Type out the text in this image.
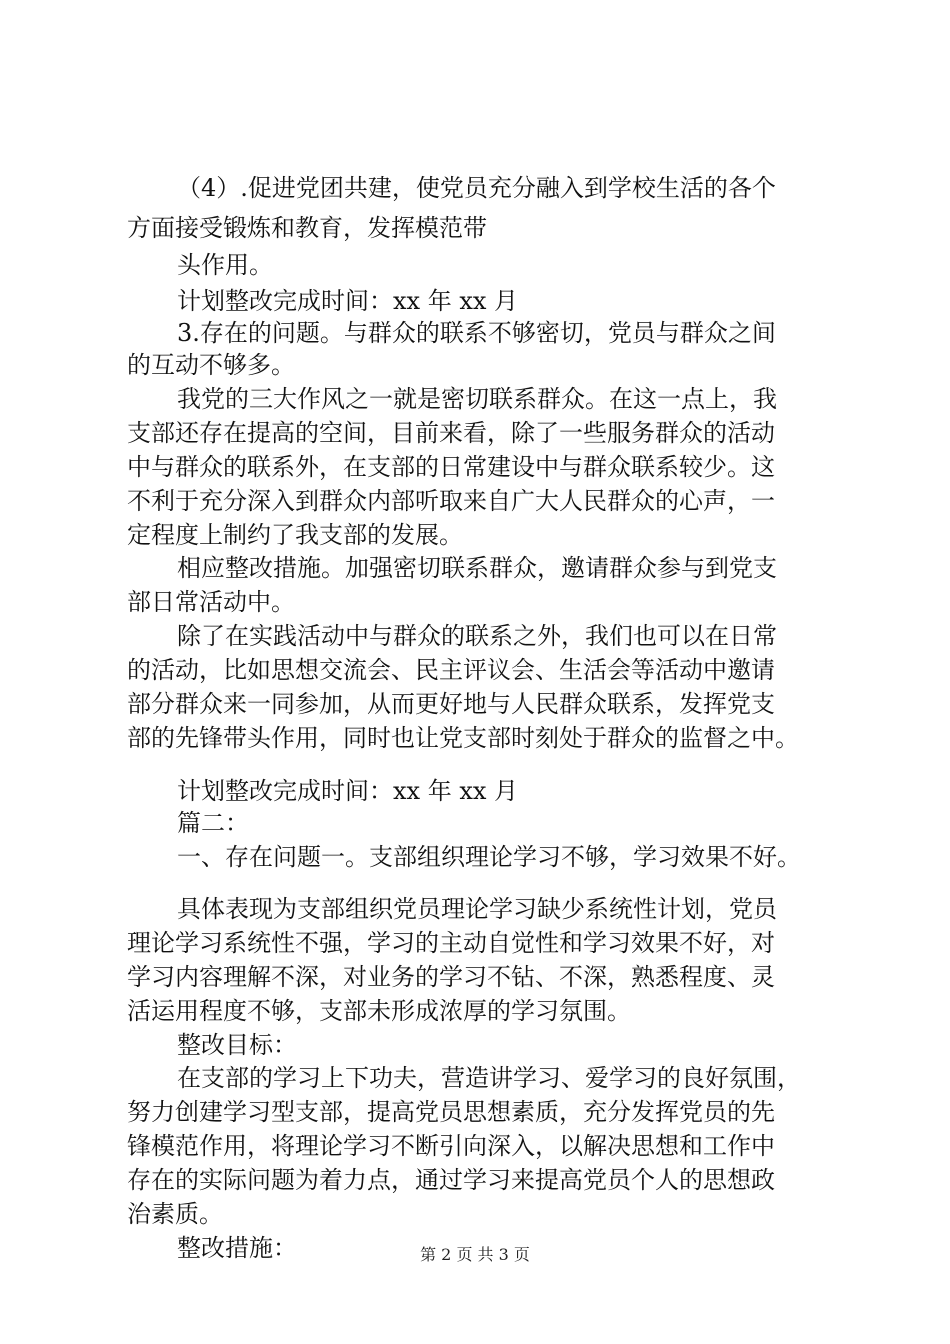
（4）.促进党团共建，使党员充分融入到学校生活的各个
方面接受锻炼和教育，发挥模范带
头作用。
计划整改完成时间：xx 年 xx 月
3.存在的问题。与群众的联系不够密切，党员与群众之间
的互动不够多。
我党的三大作风之一就是密切联系群众。在这一点上，我
支部还存在提高的空间，目前来看，除了一些服务群众的活动
中与群众的联系外，在支部的日常建设中与群众联系较少。这
不利于充分深入到群众内部听取来自广大人民群众的心声，一
定程度上制约了我支部的发展。
相应整改措施。加强密切联系群众，邀请群众参与到党支
部日常活动中。
除了在实践活动中与群众的联系之外，我们也可以在日常
的活动，比如思想交流会、民主评议会、生活会等活动中邀请
部分群众来一同参加，从而更好地与人民群众联系，发挥党支
部的先锋带头作用，同时也让党支部时刻处于群众的监督之中。
计划整改完成时间：xx 年 xx 月
篇二：
一、存在问题一。支部组织理论学习不够，学习效果不好。
具体表现为支部组织党员理论学习缺少系统性计划，党员
理论学习系统性不强，学习的主动自觉性和学习效果不好，对
学习内容理解不深，对业务的学习不钻、不深，熟悉程度、灵
活运用程度不够，支部未形成浓厚的学习氛围。
整改目标：
在支部的学习上下功夫，营造讲学习、爱学习的良好氛围，
努力创建学习型支部，提高党员思想素质，充分发挥党员的先
锋模范作用，将理论学习不断引向深入，以解决思想和工作中
存在的实际问题为着力点，通过学习来提高党员个人的思想政
治素质。
整改措施：	第 2 页 共 3 页
